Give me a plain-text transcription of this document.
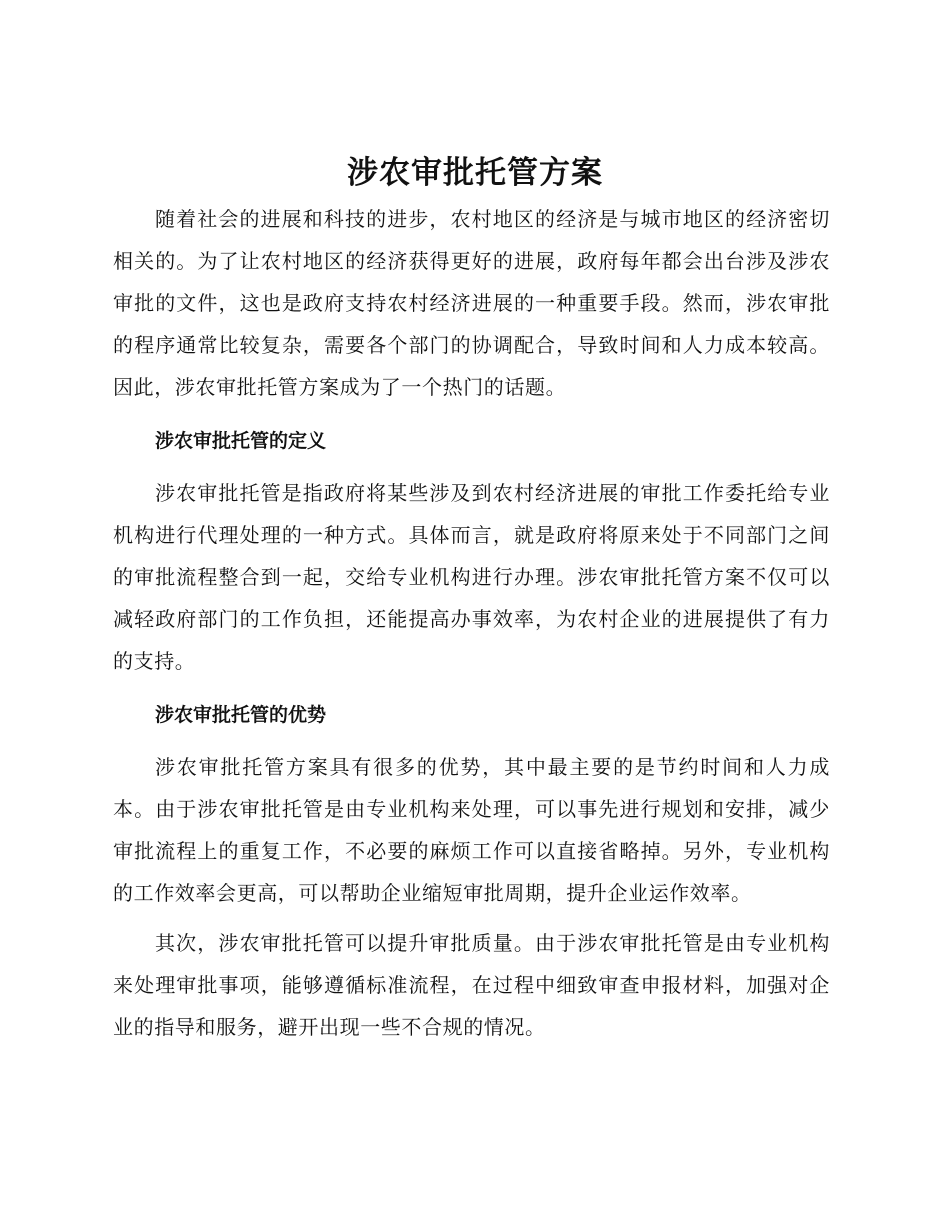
涉农审批托管方案

随着社会的进展和科技的进步，农村地区的经济是与城市地区的经济密切相关的。为了让农村地区的经济获得更好的进展，政府每年都会出台涉及涉农审批的文件，这也是政府支持农村经济进展的一种重要手段。然而，涉农审批的程序通常比较复杂，需要各个部门的协调配合，导致时间和人力成本较高。因此，涉农审批托管方案成为了一个热门的话题。

涉农审批托管的定义

涉农审批托管是指政府将某些涉及到农村经济进展的审批工作委托给专业机构进行代理处理的一种方式。具体而言，就是政府将原来处于不同部门之间的审批流程整合到一起，交给专业机构进行办理。涉农审批托管方案不仅可以减轻政府部门的工作负担，还能提高办事效率，为农村企业的进展提供了有力的支持。

涉农审批托管的优势

涉农审批托管方案具有很多的优势，其中最主要的是节约时间和人力成本。由于涉农审批托管是由专业机构来处理，可以事先进行规划和安排，减少审批流程上的重复工作，不必要的麻烦工作可以直接省略掉。另外，专业机构的工作效率会更高，可以帮助企业缩短审批周期，提升企业运作效率。

其次，涉农审批托管可以提升审批质量。由于涉农审批托管是由专业机构来处理审批事项，能够遵循标准流程，在过程中细致审查申报材料，加强对企业的指导和服务，避开出现一些不合规的情况。
